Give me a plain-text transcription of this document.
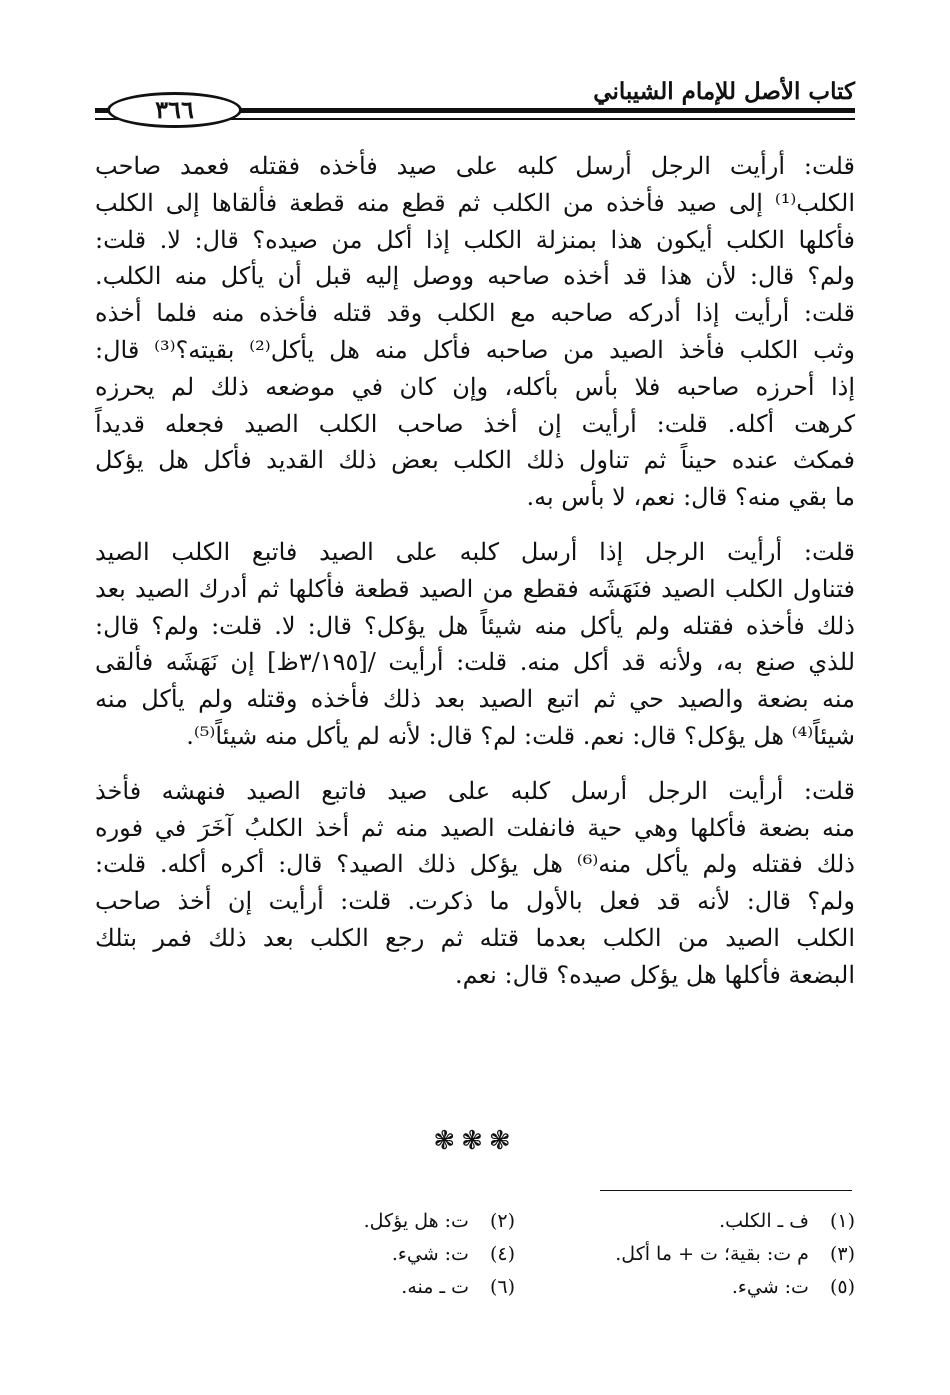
كتاب الأصل للإمام الشيباني
٣٦٦

قلت: أرأيت الرجل أرسل كلبه على صيد فأخذه فقتله فعمد صاحب
الكلب⁽¹⁾ إلى صيد فأخذه من الكلب ثم قطع منه قطعة فألقاها إلى الكلب
فأكلها الكلب أيكون هذا بمنزلة الكلب إذا أكل من صيده؟ قال: لا. قلت:
ولم؟ قال: لأن هذا قد أخذه صاحبه ووصل إليه قبل أن يأكل منه الكلب.
قلت: أرأيت إذا أدركه صاحبه مع الكلب وقد قتله فأخذه منه فلما أخذه
وثب الكلب فأخذ الصيد من صاحبه فأكل منه هل يأكل⁽²⁾ بقيته؟⁽³⁾ قال:
إذا أحرزه صاحبه فلا بأس بأكله، وإن كان في موضعه ذلك لم يحرزه
كرهت أكله. قلت: أرأيت إن أخذ صاحب الكلب الصيد فجعله قديداً
فمكث عنده حيناً ثم تناول ذلك الكلب بعض ذلك القديد فأكل هل يؤكل
ما بقي منه؟ قال: نعم، لا بأس به.

قلت: أرأيت الرجل إذا أرسل كلبه على الصيد فاتبع الكلب الصيد
فتناول الكلب الصيد فنَهَشَه فقطع من الصيد قطعة فأكلها ثم أدرك الصيد بعد
ذلك فأخذه فقتله ولم يأكل منه شيئاً هل يؤكل؟ قال: لا. قلت: ولم؟ قال:
للذي صنع به، ولأنه قد أكل منه. قلت: أرأيت /[٣/١٩٥ظ] إن نَهَشَه فألقى
منه بضعة والصيد حي ثم اتبع الصيد بعد ذلك فأخذه وقتله ولم يأكل منه
شيئاً⁽⁴⁾ هل يؤكل؟ قال: نعم. قلت: لم؟ قال: لأنه لم يأكل منه شيئاً⁽⁵⁾.

قلت: أرأيت الرجل أرسل كلبه على صيد فاتبع الصيد فنهشه فأخذ
منه بضعة فأكلها وهي حية فانفلت الصيد منه ثم أخذ الكلبُ آخَرَ في فوره
ذلك فقتله ولم يأكل منه⁽⁶⁾ هل يؤكل ذلك الصيد؟ قال: أكره أكله. قلت:
ولم؟ قال: لأنه قد فعل بالأول ما ذكرت. قلت: أرأيت إن أخذ صاحب
الكلب الصيد من الكلب بعدما قتله ثم رجع الكلب بعد ذلك فمر بتلك
البضعة فأكلها هل يؤكل صيده؟ قال: نعم.

❃❃❃
(١) ف ـ الكلب.
(٢) ت: هل يؤكل.
(٣) م ت: بقية؛ ت + ما أكل.
(٤) ت: شيء.
(٥) ت: شيء.
(٦) ت ـ منه.
